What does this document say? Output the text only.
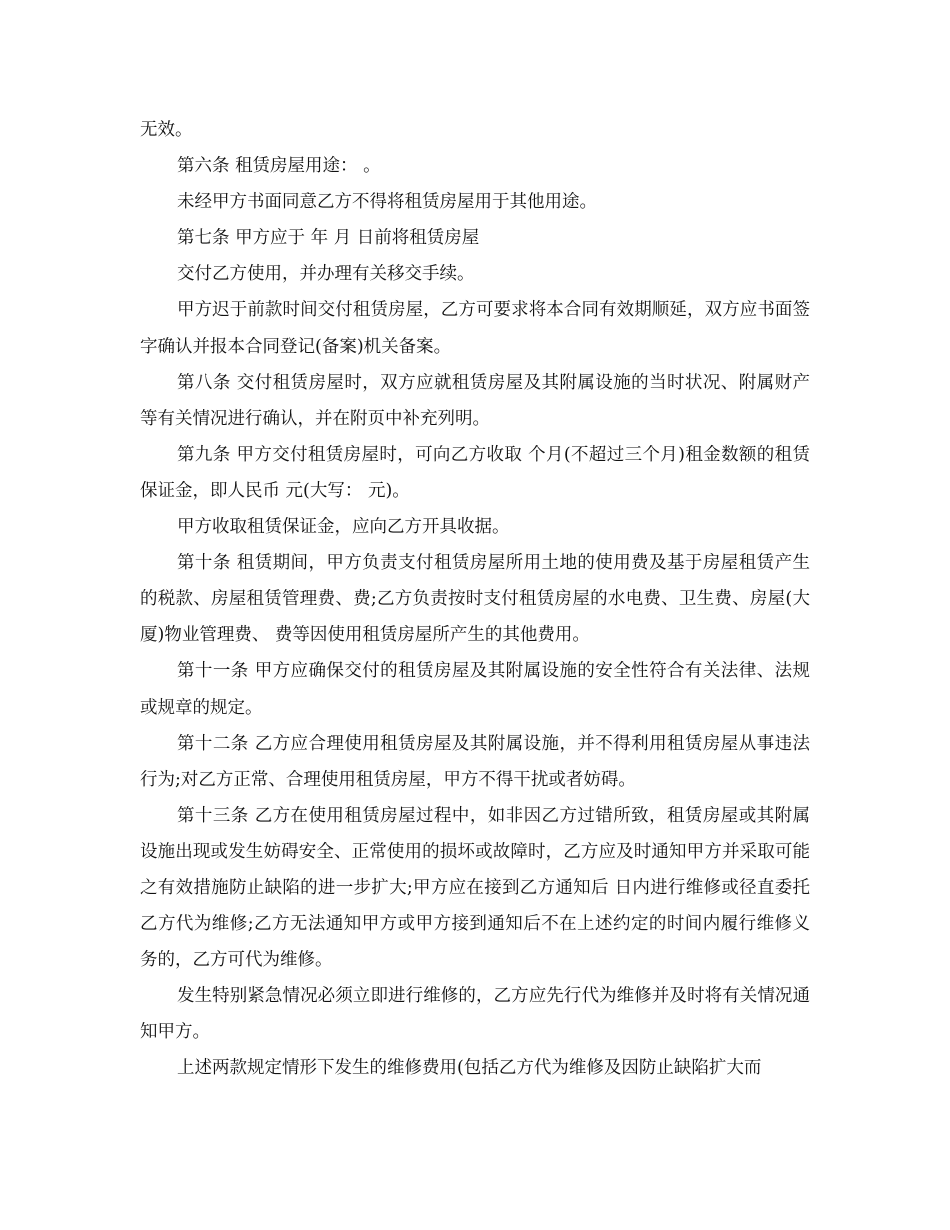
无效。

第六条 租赁房屋用途： 。

未经甲方书面同意乙方不得将租赁房屋用于其他用途。

第七条 甲方应于 年 月 日前将租赁房屋

交付乙方使用，并办理有关移交手续。

甲方迟于前款时间交付租赁房屋，乙方可要求将本合同有效期顺延，双方应书面签字确认并报本合同登记(备案)机关备案。

第八条 交付租赁房屋时，双方应就租赁房屋及其附属设施的当时状况、附属财产等有关情况进行确认，并在附页中补充列明。

第九条 甲方交付租赁房屋时，可向乙方收取 个月(不超过三个月)租金数额的租赁保证金，即人民币 元(大写： 元)。

甲方收取租赁保证金，应向乙方开具收据。

第十条 租赁期间，甲方负责支付租赁房屋所用土地的使用费及基于房屋租赁产生的税款、房屋租赁管理费、费;乙方负责按时支付租赁房屋的水电费、卫生费、房屋(大厦)物业管理费、 费等因使用租赁房屋所产生的其他费用。

第十一条 甲方应确保交付的租赁房屋及其附属设施的安全性符合有关法律、法规或规章的规定。

第十二条 乙方应合理使用租赁房屋及其附属设施，并不得利用租赁房屋从事违法行为;对乙方正常、合理使用租赁房屋，甲方不得干扰或者妨碍。

第十三条 乙方在使用租赁房屋过程中，如非因乙方过错所致，租赁房屋或其附属设施出现或发生妨碍安全、正常使用的损坏或故障时，乙方应及时通知甲方并采取可能之有效措施防止缺陷的进一步扩大;甲方应在接到乙方通知后 日内进行维修或径直委托乙方代为维修;乙方无法通知甲方或甲方接到通知后不在上述约定的时间内履行维修义务的，乙方可代为维修。

发生特别紧急情况必须立即进行维修的，乙方应先行代为维修并及时将有关情况通知甲方。

上述两款规定情形下发生的维修费用(包括乙方代为维修及因防止缺陷扩大而
